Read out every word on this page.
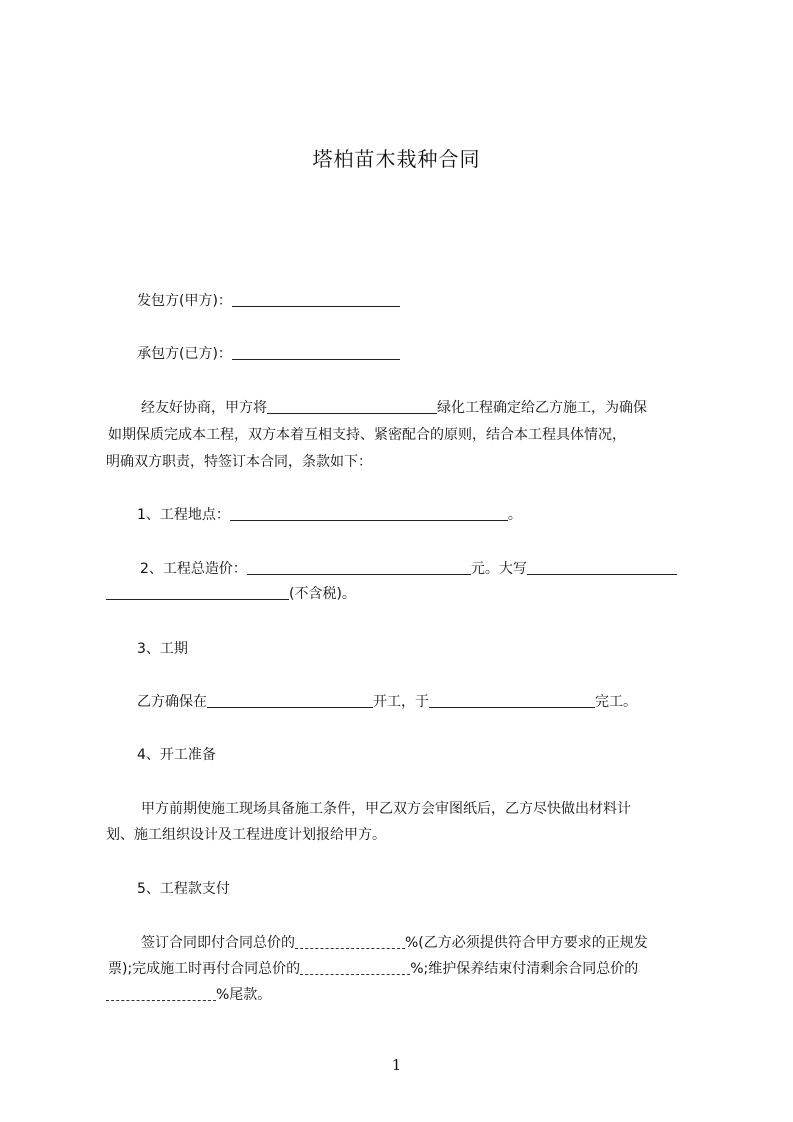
塔柏苗木栽种合同
发包方(甲方)：
承包方(已方)：
经友好协商，甲方将	绿化工程确定给乙方施工，为确保
如期保质完成本工程，双方本着互相支持、紧密配合的原则，结合本工程具体情况，
明确双方职责，特签订本合同，条款如下：
1、工程地点：	。
2、工程总造价：	元。大写
(不含税)。
3、工期
乙方确保在	开工，于	完工。
4、开工准备
甲方前期使施工现场具备施工条件，甲乙双方会审图纸后，乙方尽快做出材料计
划、施工组织设计及工程进度计划报给甲方。
5、工程款支付
签订合同即付合同总价的	%(乙方必须提供符合甲方要求的正规发
票);完成施工时再付合同总价的	%;维护保养结束付清剩余合同总价的
%尾款。
1
